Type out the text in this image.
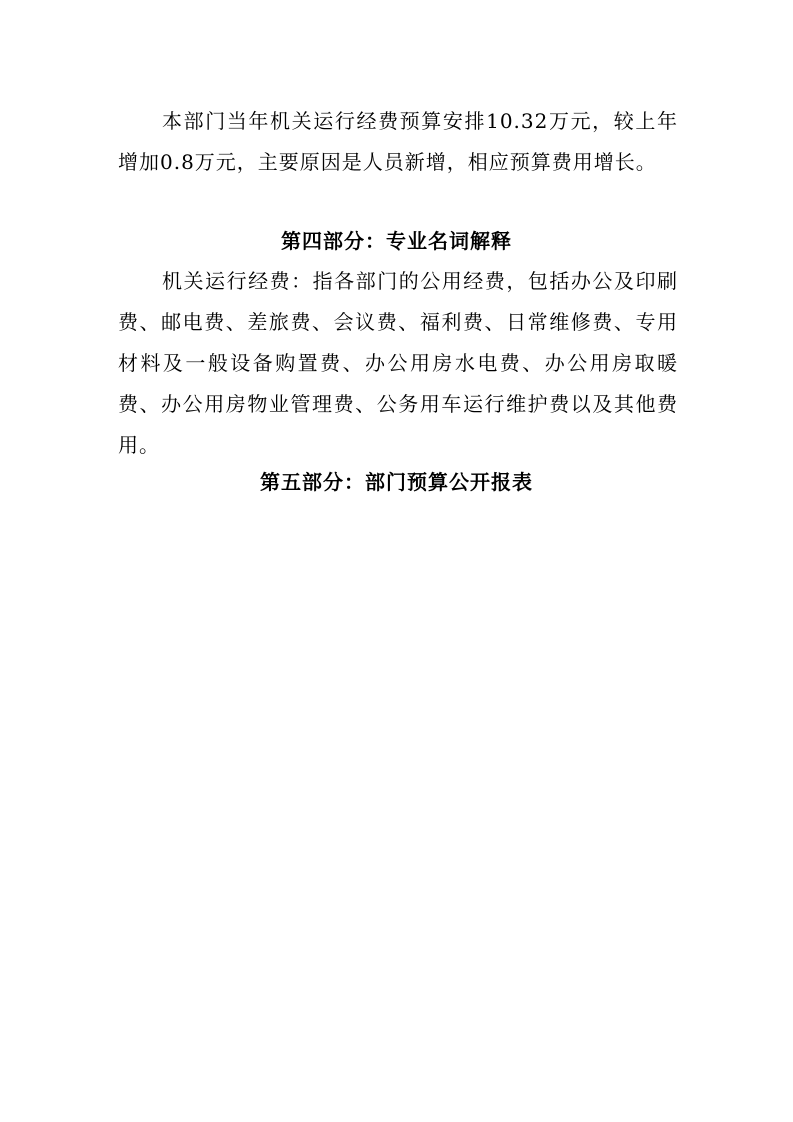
本部门当年机关运行经费预算安排10.32万元，较上年增加0.8万元，主要原因是人员新增，相应预算费用增长。

第四部分：专业名词解释

机关运行经费：指各部门的公用经费，包括办公及印刷费、邮电费、差旅费、会议费、福利费、日常维修费、专用材料及一般设备购置费、办公用房水电费、办公用房取暖费、办公用房物业管理费、公务用车运行维护费以及其他费用。

第五部分：部门预算公开报表
